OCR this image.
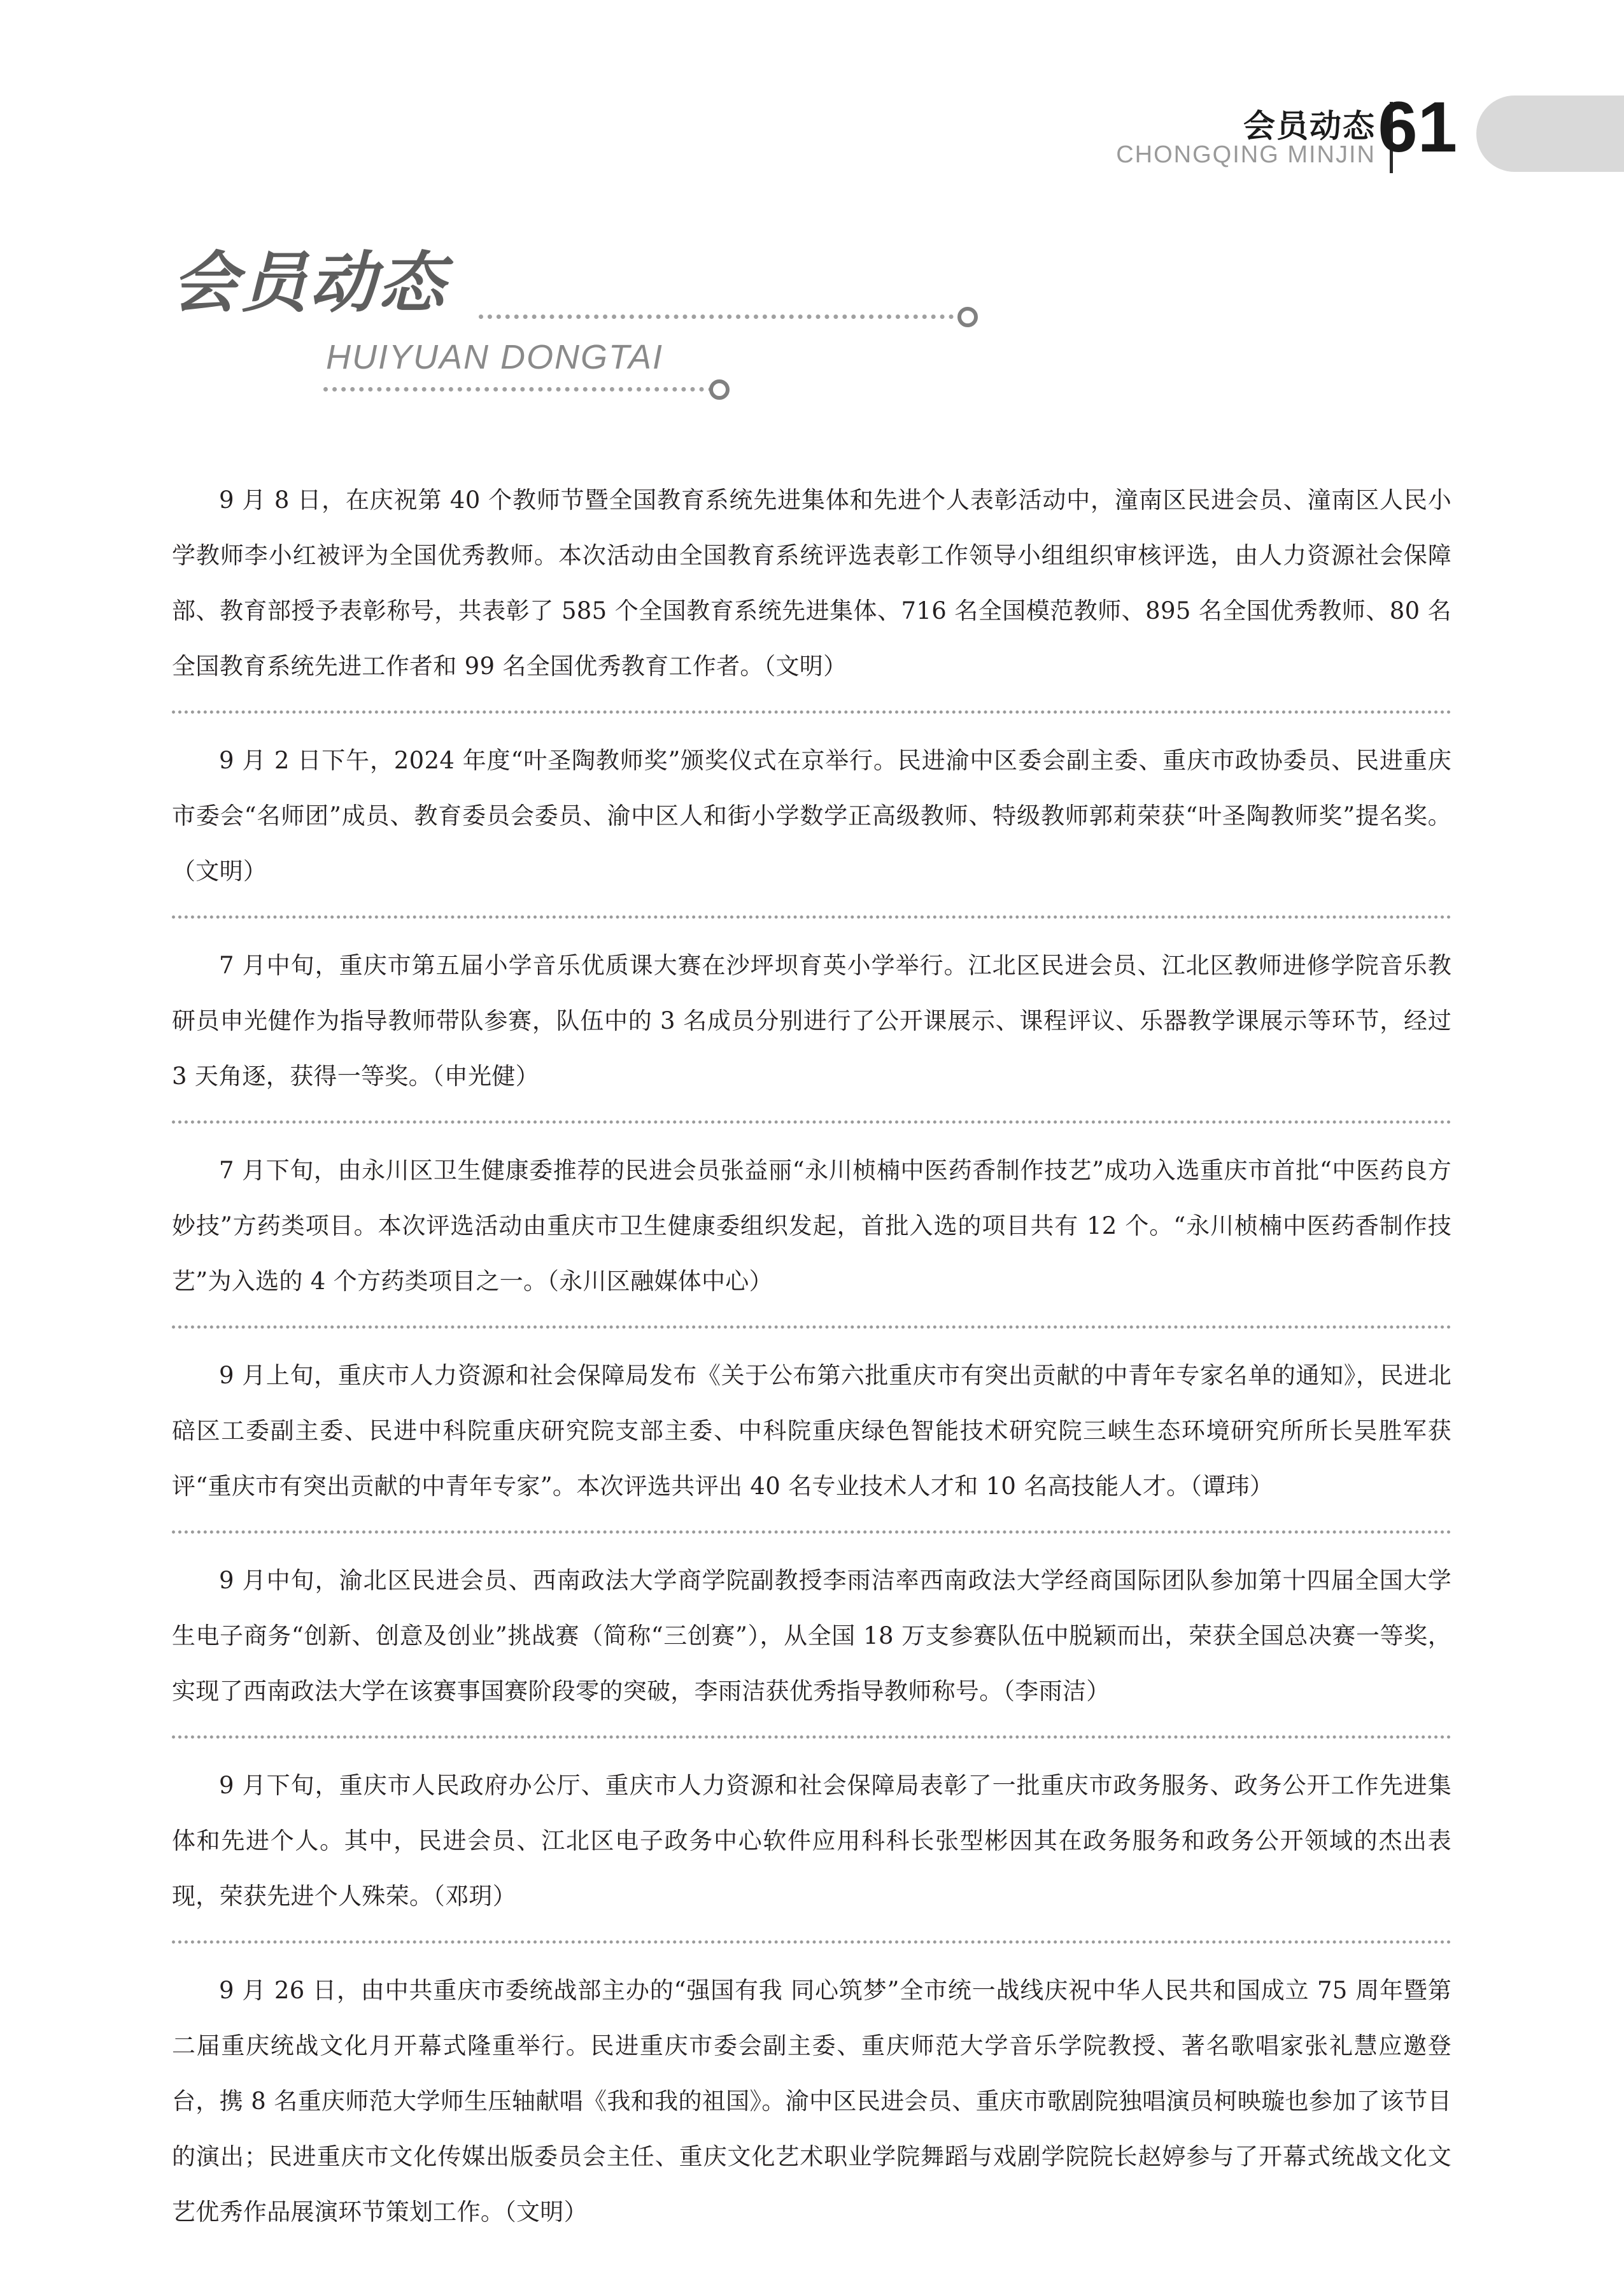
会员动态
CHONGQING MINJIN 61
会员动态
HUIYUAN DONGTAI

9 月 8 日，在庆祝第 40 个教师节暨全国教育系统先进集体和先进个人表彰活动中，潼南区民进会员、潼南区人民小学教师李小红被评为全国优秀教师。本次活动由全国教育系统评选表彰工作领导小组组织审核评选，由人力资源社会保障部、教育部授予表彰称号，共表彰了 585 个全国教育系统先进集体、716 名全国模范教师、895 名全国优秀教师、80 名全国教育系统先进工作者和 99 名全国优秀教育工作者。（文明）

9 月 2 日下午，2024 年度“叶圣陶教师奖”颁奖仪式在京举行。民进渝中区委会副主委、重庆市政协委员、民进重庆市委会“名师团”成员、教育委员会委员、渝中区人和街小学数学正高级教师、特级教师郭莉荣获“叶圣陶教师奖”提名奖。（文明）

7 月中旬，重庆市第五届小学音乐优质课大赛在沙坪坝育英小学举行。江北区民进会员、江北区教师进修学院音乐教研员申光健作为指导教师带队参赛，队伍中的 3 名成员分别进行了公开课展示、课程评议、乐器教学课展示等环节，经过 3 天角逐，获得一等奖。（申光健）

7 月下旬，由永川区卫生健康委推荐的民进会员张益丽“永川桢楠中医药香制作技艺”成功入选重庆市首批“中医药良方妙技”方药类项目。本次评选活动由重庆市卫生健康委组织发起，首批入选的项目共有 12 个。“永川桢楠中医药香制作技艺”为入选的 4 个方药类项目之一。（永川区融媒体中心）

9 月上旬，重庆市人力资源和社会保障局发布《关于公布第六批重庆市有突出贡献的中青年专家名单的通知》，民进北碚区工委副主委、民进中科院重庆研究院支部主委、中科院重庆绿色智能技术研究院三峡生态环境研究所所长吴胜军获评“重庆市有突出贡献的中青年专家”。本次评选共评出 40 名专业技术人才和 10 名高技能人才。（谭玮）

9 月中旬，渝北区民进会员、西南政法大学商学院副教授李雨洁率西南政法大学经商国际团队参加第十四届全国大学生电子商务“创新、创意及创业”挑战赛（简称“三创赛”），从全国 18 万支参赛队伍中脱颖而出，荣获全国总决赛一等奖，实现了西南政法大学在该赛事国赛阶段零的突破，李雨洁获优秀指导教师称号。（李雨洁）

9 月下旬，重庆市人民政府办公厅、重庆市人力资源和社会保障局表彰了一批重庆市政务服务、政务公开工作先进集体和先进个人。其中，民进会员、江北区电子政务中心软件应用科科长张型彬因其在政务服务和政务公开领域的杰出表现，荣获先进个人殊荣。（邓玥）

9 月 26 日，由中共重庆市委统战部主办的“强国有我 同心筑梦”全市统一战线庆祝中华人民共和国成立 75 周年暨第二届重庆统战文化月开幕式隆重举行。民进重庆市委会副主委、重庆师范大学音乐学院教授、著名歌唱家张礼慧应邀登台，携 8 名重庆师范大学师生压轴献唱《我和我的祖国》。渝中区民进会员、重庆市歌剧院独唱演员柯映璇也参加了该节目的演出；民进重庆市文化传媒出版委员会主任、重庆文化艺术职业学院舞蹈与戏剧学院院长赵婷参与了开幕式统战文化文艺优秀作品展演环节策划工作。（文明）
